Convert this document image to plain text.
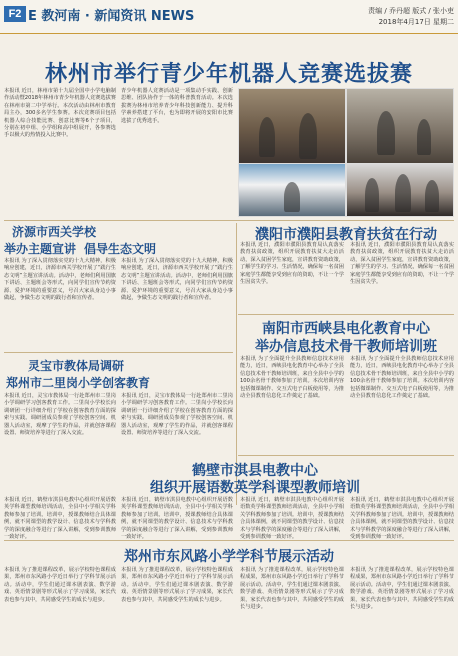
F2 E 教河南 · 新闻资讯 NEWS	责编 / 乔丹超 版式 / 张小吏
2018年4月17日 星期二
林州市举行青少年机器人竞赛选拔赛
本报讯 近日，林州市第十九届全国中小学电脑制作活动暨2018年林州市青少年机器人竞赛选拔赛在林州市第二中学举行。本次活动由林州市教育局主办，300多名学生参赛。本次竞赛项目包括机器人综合技能比赛、创意比赛等6个子项目，分别在初中组、小学组和高中组展开，各参赛选手以极大的热情投入比赛中。
青少年机器人竞赛活动是一项集动手实践、创新思维、团队协作于一体的科普教育活动。本次选拔赛为林州市培养青少年科技创新能力、提升科学素养搭建了平台，也为即将开展的安阳市比赛选拔了优秀选手。
济源市西关学校
举办主题宣讲 倡导生态文明
本报讯 为了深入贯彻落实党的十九大精神，积极响应创建，近日，济源市西关学校开展了“践行生态文明”主题宣讲活动。活动中，老师们利用国旗下讲话、主题班会等形式，向同学们宣传节约资源、爱护环境的重要意义，号召大家从身边小事做起，争做生态文明的践行者和宣传者。
本报讯 为了深入贯彻落实党的十九大精神，积极响应创建，近日，济源市西关学校开展了“践行生态文明”主题宣讲活动。活动中，老师们利用国旗下讲话、主题班会等形式，向同学们宣传节约资源、爱护环境的重要意义，号召大家从身边小事做起，争做生态文明的践行者和宣传者。
灵宝市教体局调研
郑州市二里岗小学创客教育
本报讯 近日，灵宝市教体局一行赴郑州市二里岗小学调研学习创客教育工作。二里岗小学校长向调研团一行详细介绍了学校在创客教育方面的探索与实践。调研团成员参观了学校创客空间、机器人活动室，观摩了学生的作品，并就创客课程设置、师资培养等进行了深入交流。
本报讯 近日，灵宝市教体局一行赴郑州市二里岗小学调研学习创客教育工作。二里岗小学校长向调研团一行详细介绍了学校在创客教育方面的探索与实践。调研团成员参观了学校创客空间、机器人活动室，观摩了学生的作品，并就创客课程设置、师资培养等进行了深入交流。
濮阳市濮阳县教育扶贫在行动
本报讯 近日，濮阳市濮阳县教育局认真落实教育扶贫政策，组织开展教育扶贫大走访活动，深入贫困学生家庭，宣讲教育资助政策，了解学生的学习、生活情况，确保每一名贫困家庭学生都能享受到应有的资助，不让一个学生因贫失学。
本报讯 近日，濮阳市濮阳县教育局认真落实教育扶贫政策，组织开展教育扶贫大走访活动，深入贫困学生家庭，宣讲教育资助政策，了解学生的学习、生活情况，确保每一名贫困家庭学生都能享受到应有的资助，不让一个学生因贫失学。
南阳市西峡县电化教育中心
举办信息技术骨干教师培训班
本报讯 为了全面提升全县教师信息技术应用能力，近日，西峡县电化教育中心举办了全县信息技术骨干教师培训班，来自全县中小学的100余名骨干教师参加了培训。本次培训内容包括微课制作、交互式电子白板使用等，为推动全县教育信息化工作奠定了基础。
本报讯 为了全面提升全县教师信息技术应用能力，近日，西峡县电化教育中心举办了全县信息技术骨干教师培训班，来自全县中小学的100余名骨干教师参加了培训。本次培训内容包括微课制作、交互式电子白板使用等，为推动全县教育信息化工作奠定了基础。
鹤壁市淇县电教中心
组织开展语数英学科课型教师培训
本报讯 近日，鹤壁市淇县电教中心组织开展语数英学科课型教师培训活动，全县中小学相关学科教师参加了培训。培训中，授课教师结合具体课例，就不同课型的教学设计、信息技术与学科教学的深度融合等进行了深入讲解，受到参训教师一致好评。
本报讯 近日，鹤壁市淇县电教中心组织开展语数英学科课型教师培训活动，全县中小学相关学科教师参加了培训。培训中，授课教师结合具体课例，就不同课型的教学设计、信息技术与学科教学的深度融合等进行了深入讲解，受到参训教师一致好评。
本报讯 近日，鹤壁市淇县电教中心组织开展语数英学科课型教师培训活动，全县中小学相关学科教师参加了培训。培训中，授课教师结合具体课例，就不同课型的教学设计、信息技术与学科教学的深度融合等进行了深入讲解，受到参训教师一致好评。
本报讯 近日，鹤壁市淇县电教中心组织开展语数英学科课型教师培训活动，全县中小学相关学科教师参加了培训。培训中，授课教师结合具体课例，就不同课型的教学设计、信息技术与学科教学的深度融合等进行了深入讲解，受到参训教师一致好评。
郑州市东风路小学学科节展示活动
本报讯 为了推进课程改革，展示学校特色课程成果，郑州市东风路小学近日举行了学科节展示活动。活动中，学生们通过课本剧表演、数学游戏、英语情景剧等形式展示了学习成果，家长代表也参与其中，共同感受学生的成长与进步。
本报讯 为了推进课程改革，展示学校特色课程成果，郑州市东风路小学近日举行了学科节展示活动。活动中，学生们通过课本剧表演、数学游戏、英语情景剧等形式展示了学习成果，家长代表也参与其中，共同感受学生的成长与进步。
本报讯 为了推进课程改革，展示学校特色课程成果，郑州市东风路小学近日举行了学科节展示活动。活动中，学生们通过课本剧表演、数学游戏、英语情景剧等形式展示了学习成果，家长代表也参与其中，共同感受学生的成长与进步。
本报讯 为了推进课程改革，展示学校特色课程成果，郑州市东风路小学近日举行了学科节展示活动。活动中，学生们通过课本剧表演、数学游戏、英语情景剧等形式展示了学习成果，家长代表也参与其中，共同感受学生的成长与进步。
